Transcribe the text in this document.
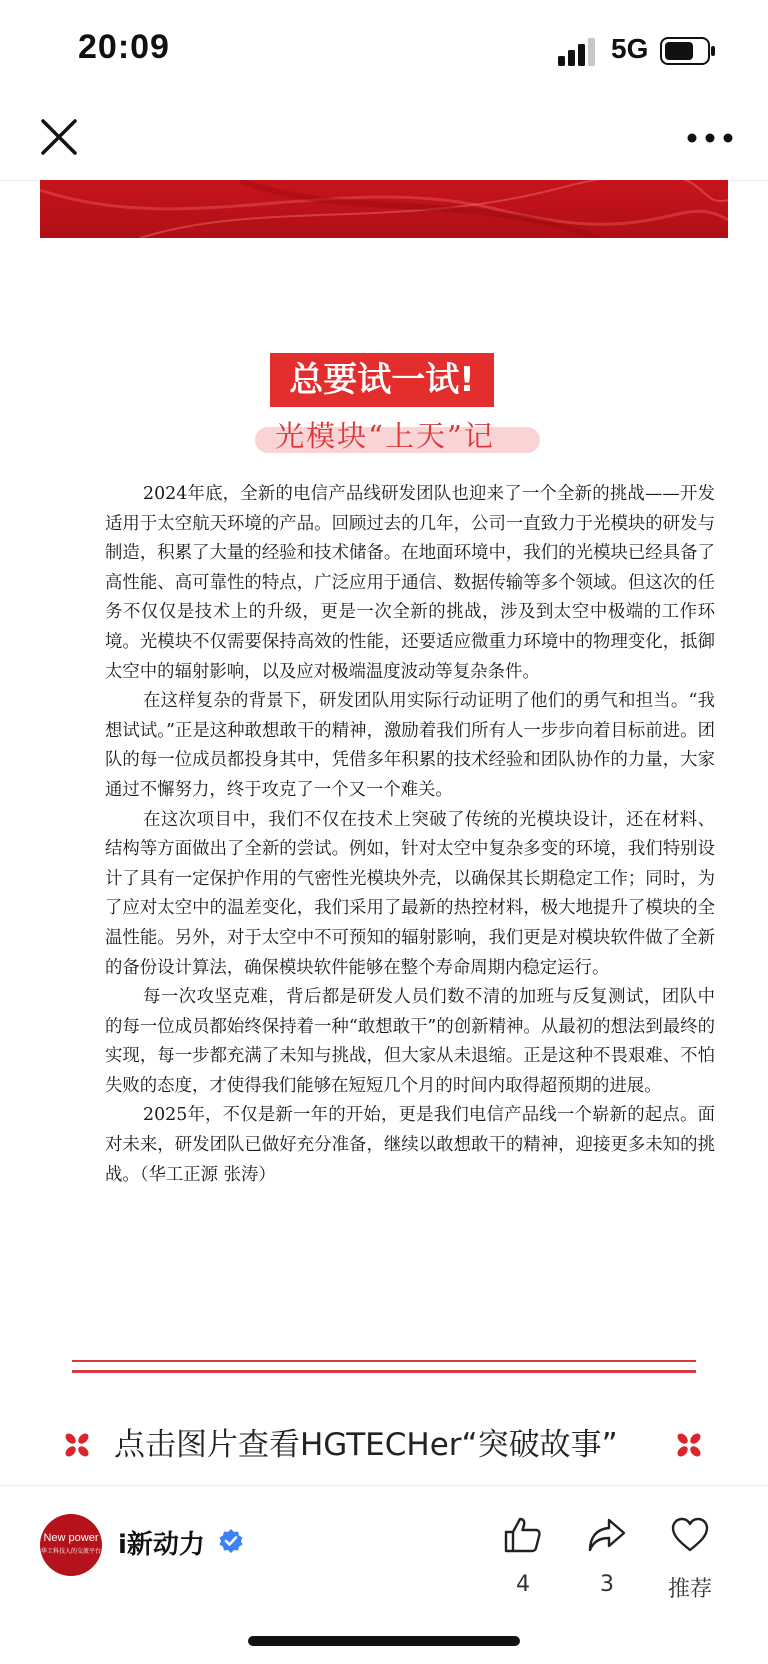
20:09	5G
总要试一试!
光模块“上天”记

2024年底，全新的电信产品线研发团队也迎来了一个全新的挑战——开发适用于太空航天环境的产品。回顾过去的几年，公司一直致力于光模块的研发与制造，积累了大量的经验和技术储备。在地面环境中，我们的光模块已经具备了高性能、高可靠性的特点，广泛应用于通信、数据传输等多个领域。但这次的任务不仅仅是技术上的升级，更是一次全新的挑战，涉及到太空中极端的工作环境。光模块不仅需要保持高效的性能，还要适应微重力环境中的物理变化，抵御太空中的辐射影响，以及应对极端温度波动等复杂条件。

在这样复杂的背景下，研发团队用实际行动证明了他们的勇气和担当。“我想试试。”正是这种敢想敢干的精神，激励着我们所有人一步步向着目标前进。团队的每一位成员都投身其中，凭借多年积累的技术经验和团队协作的力量，大家通过不懈努力，终于攻克了一个又一个难关。

在这次项目中，我们不仅在技术上突破了传统的光模块设计，还在材料、结构等方面做出了全新的尝试。例如，针对太空中复杂多变的环境，我们特别设计了具有一定保护作用的气密性光模块外壳，以确保其长期稳定工作；同时，为了应对太空中的温差变化，我们采用了最新的热控材料，极大地提升了模块的全温性能。另外，对于太空中不可预知的辐射影响，我们更是对模块软件做了全新的备份设计算法，确保模块软件能够在整个寿命周期内稳定运行。

每一次攻坚克难，背后都是研发人员们数不清的加班与反复测试，团队中的每一位成员都始终保持着一种“敢想敢干”的创新精神。从最初的想法到最终的实现，每一步都充满了未知与挑战，但大家从未退缩。正是这种不畏艰难、不怕失败的态度，才使得我们能够在短短几个月的时间内取得超预期的进展。

2025年，不仅是新一年的开始，更是我们电信产品线一个崭新的起点。面对未来，研发团队已做好充分准备，继续以敢想敢干的精神，迎接更多未知的挑战。（华工正源 张涛）

点击图片查看HGTECHer“突破故事”
New power
华工科技人的交流平台 i新动力
4	3	推荐
